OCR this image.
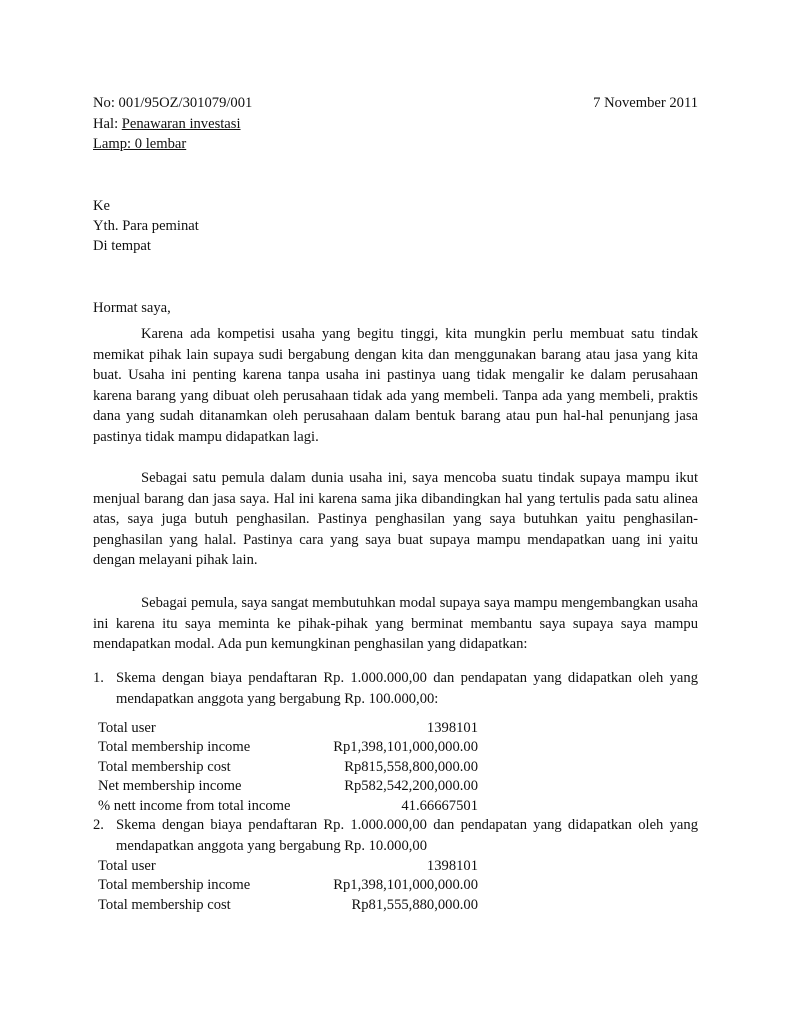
No: 001/95OZ/301079/001	7 November 2011
Hal: Penawaran investasi
Lamp: 0 lembar
Ke
Yth. Para peminat
Di tempat
Hormat saya,

Karena ada kompetisi usaha yang begitu tinggi, kita mungkin perlu membuat satu tindak memikat pihak lain supaya sudi bergabung dengan kita dan menggunakan barang atau jasa yang kita buat. Usaha ini penting karena tanpa usaha ini pastinya uang tidak mengalir ke dalam perusahaan karena barang yang dibuat oleh perusahaan tidak ada yang membeli. Tanpa ada yang membeli, praktis dana yang sudah ditanamkan oleh perusahaan dalam bentuk barang atau pun hal-hal penunjang jasa pastinya tidak mampu didapatkan lagi.

Sebagai satu pemula dalam dunia usaha ini, saya mencoba suatu tindak supaya mampu ikut menjual barang dan jasa saya. Hal ini karena sama jika dibandingkan hal yang tertulis pada satu alinea atas, saya juga butuh penghasilan. Pastinya penghasilan yang saya butuhkan yaitu penghasilan-penghasilan yang halal. Pastinya cara yang saya buat supaya mampu mendapatkan uang ini yaitu dengan melayani pihak lain.

Sebagai pemula, saya sangat membutuhkan modal supaya saya mampu mengembangkan usaha ini karena itu saya meminta ke pihak-pihak yang berminat membantu saya supaya saya mampu mendapatkan modal. Ada pun kemungkinan penghasilan yang didapatkan:

1. Skema dengan biaya pendaftaran Rp. 1.000.000,00 dan pendapatan yang didapatkan oleh yang mendapatkan anggota yang bergabung Rp. 100.000,00:
Total user	1398101
Total membership income	Rp1,398,101,000,000.00
Total membership cost	Rp815,558,800,000.00
Net membership income	Rp582,542,200,000.00
% nett income from total income	41.66667501
2. Skema dengan biaya pendaftaran Rp. 1.000.000,00 dan pendapatan yang didapatkan oleh yang mendapatkan anggota yang bergabung Rp. 10.000,00
Total user	1398101
Total membership income	Rp1,398,101,000,000.00
Total membership cost	Rp81,555,880,000.00
